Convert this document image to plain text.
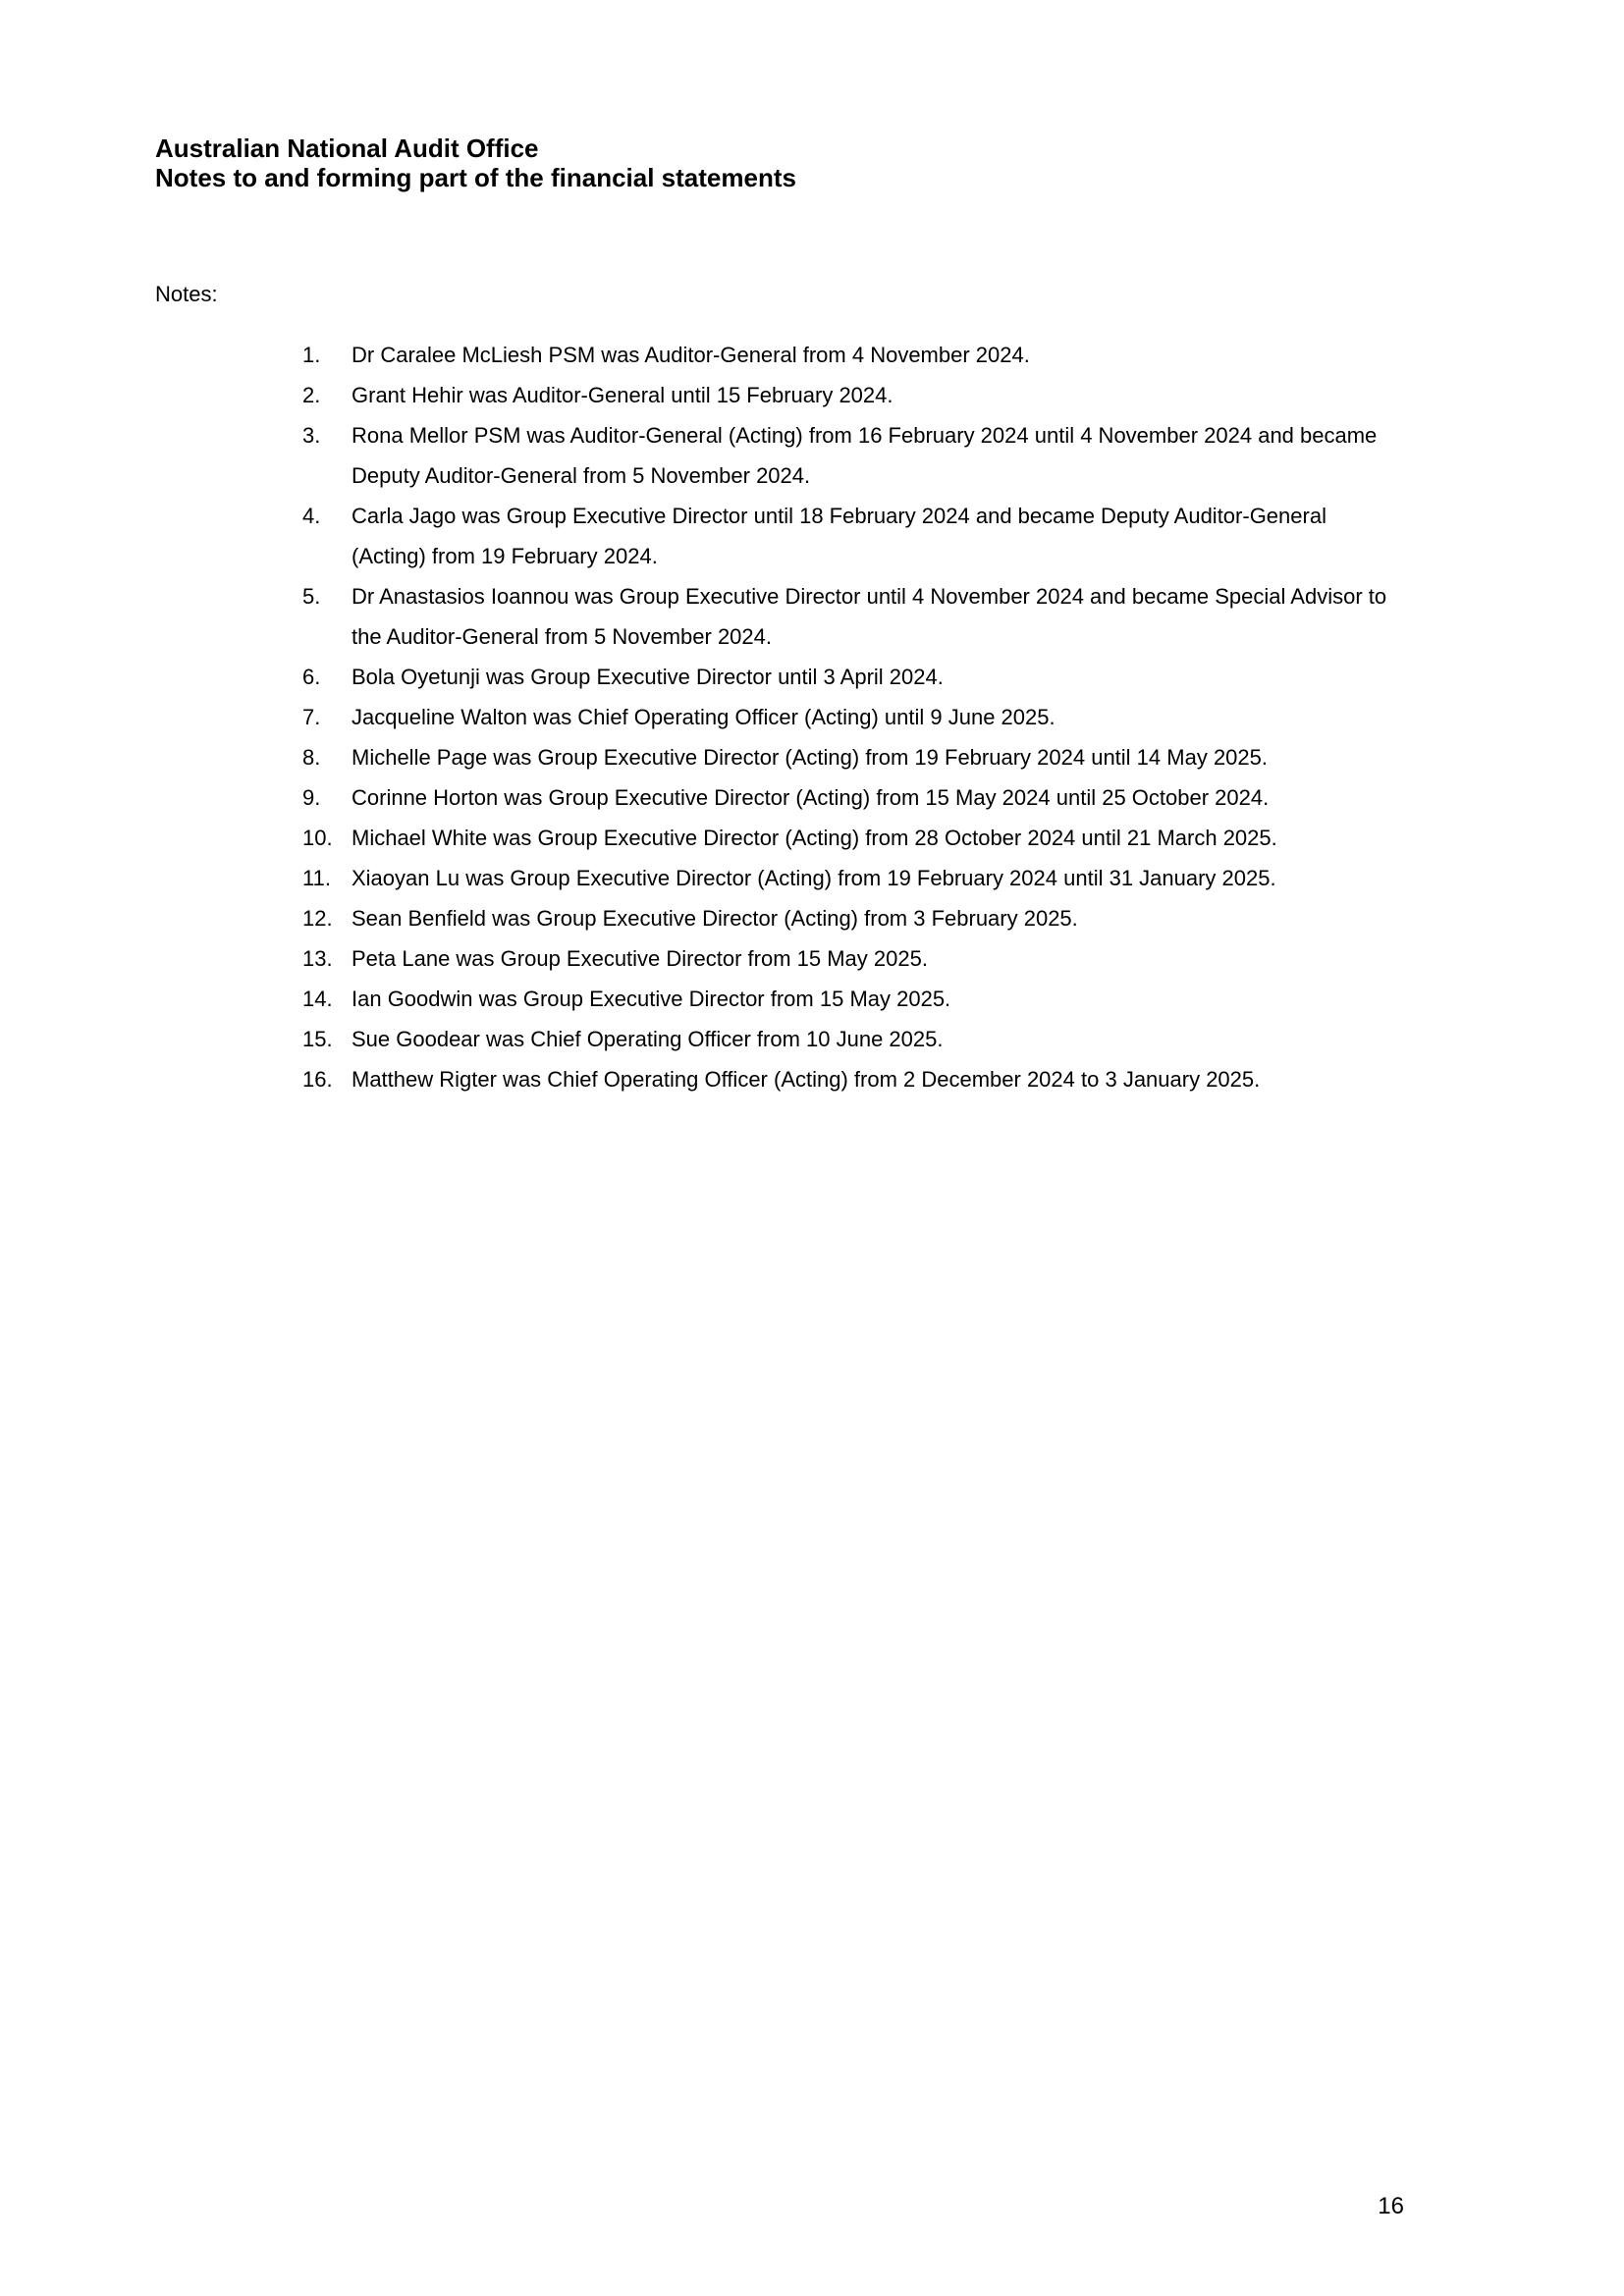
Australian National Audit Office
Notes to and forming part of the financial statements
Notes:
1. Dr Caralee McLiesh PSM was Auditor-General from 4 November 2024.
2. Grant Hehir was Auditor-General until 15 February 2024.
3. Rona Mellor PSM was Auditor-General (Acting) from 16 February 2024 until 4 November 2024 and became Deputy Auditor-General from 5 November 2024.
4. Carla Jago was Group Executive Director until 18 February 2024 and became Deputy Auditor-General (Acting) from 19 February 2024.
5. Dr Anastasios Ioannou was Group Executive Director until 4 November 2024 and became Special Advisor to the Auditor-General from 5 November 2024.
6. Bola Oyetunji was Group Executive Director until 3 April 2024.
7. Jacqueline Walton was Chief Operating Officer (Acting) until 9 June 2025.
8. Michelle Page was Group Executive Director (Acting) from 19 February 2024 until 14 May 2025.
9. Corinne Horton was Group Executive Director (Acting) from 15 May 2024 until 25 October 2024.
10. Michael White was Group Executive Director (Acting) from 28 October 2024 until 21 March 2025.
11. Xiaoyan Lu was Group Executive Director (Acting) from 19 February 2024 until 31 January 2025.
12. Sean Benfield was Group Executive Director (Acting) from 3 February 2025.
13. Peta Lane was Group Executive Director from 15 May 2025.
14. Ian Goodwin was Group Executive Director from 15 May 2025.
15. Sue Goodear was Chief Operating Officer from 10 June 2025.
16. Matthew Rigter was Chief Operating Officer (Acting) from 2 December 2024 to 3 January 2025.
16
